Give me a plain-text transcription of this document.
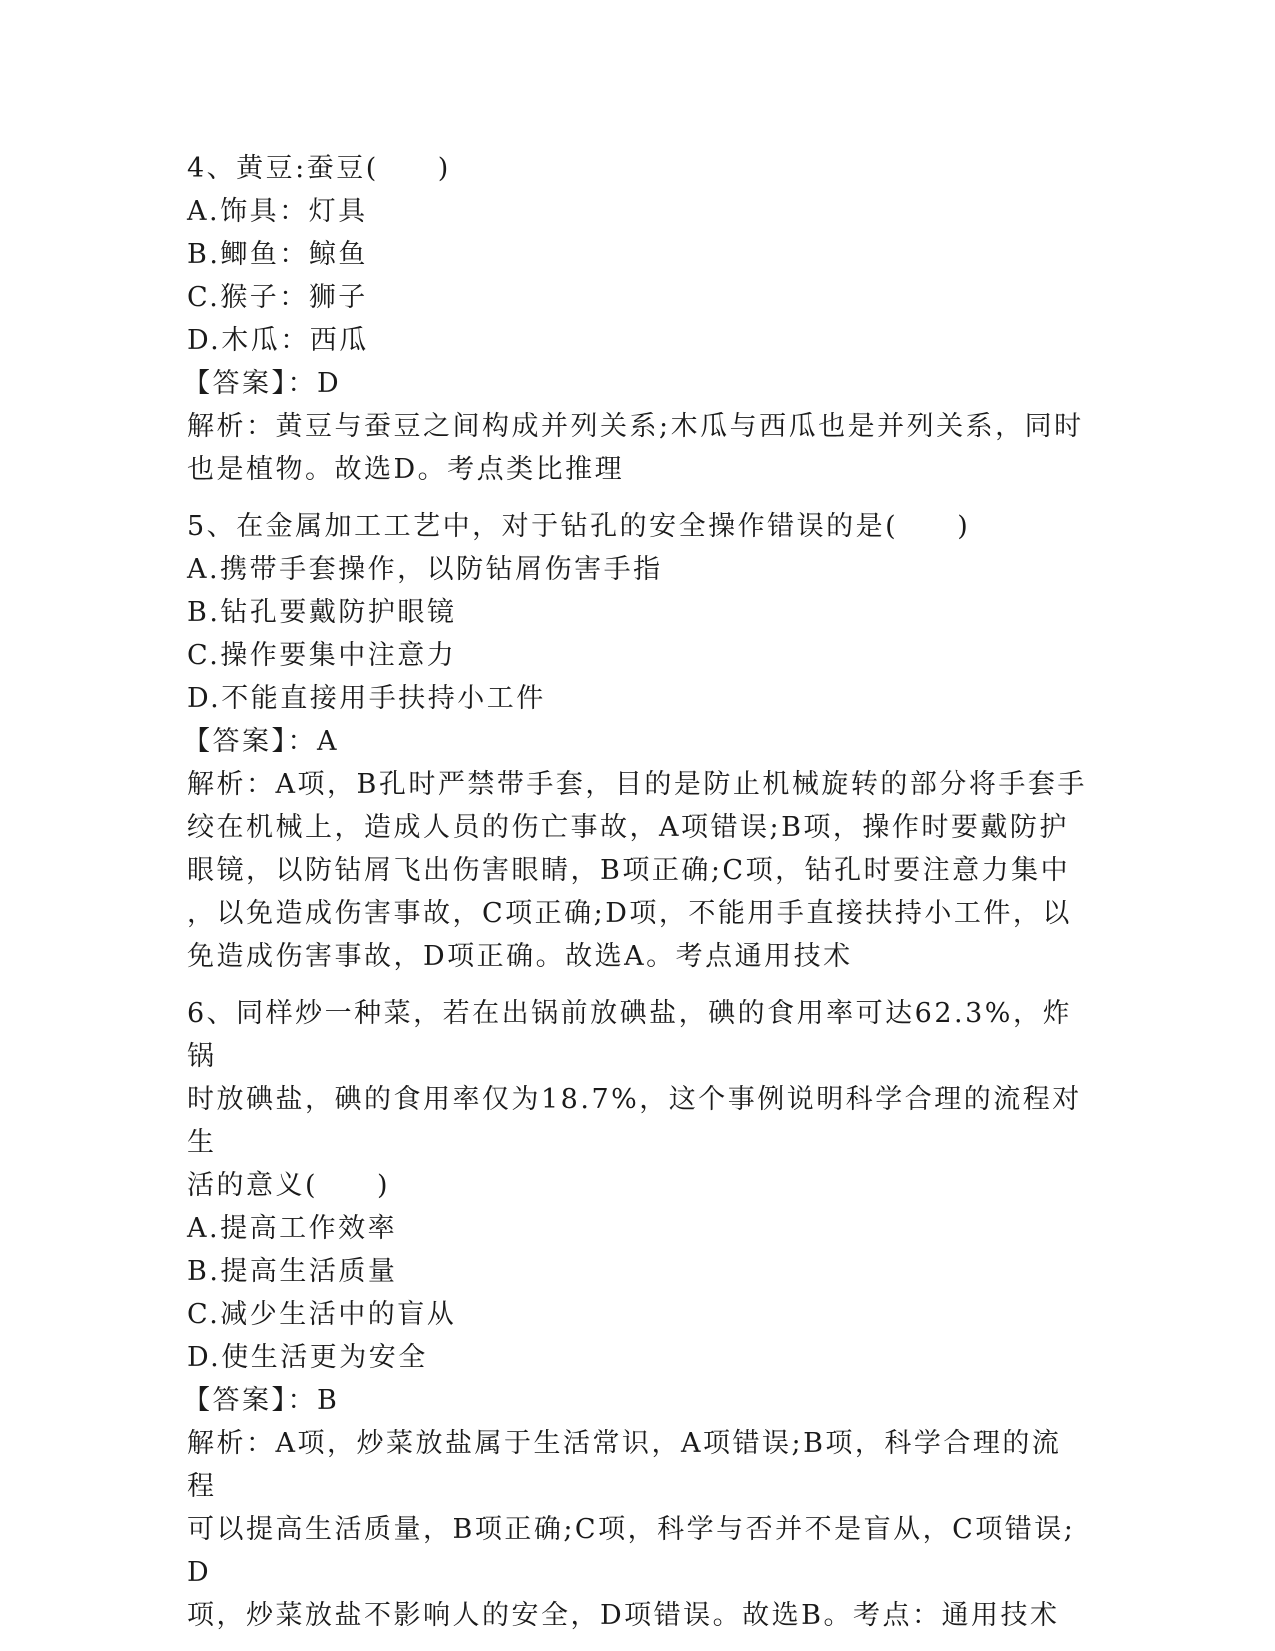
4、黄豆:蚕豆(　　)
A.饰具：灯具
B.鲫鱼：鲸鱼
C.猴子：狮子
D.木瓜：西瓜
【答案】：D
解析：黄豆与蚕豆之间构成并列关系;木瓜与西瓜也是并列关系，同时
也是植物。故选D。考点类比推理
5、在金属加工工艺中，对于钻孔的安全操作错误的是(　　)
A.携带手套操作，以防钻屑伤害手指
B.钻孔要戴防护眼镜
C.操作要集中注意力
D.不能直接用手扶持小工件
【答案】：A
解析：A项，B孔时严禁带手套，目的是防止机械旋转的部分将手套手
绞在机械上，造成人员的伤亡事故，A项错误;B项，操作时要戴防护
眼镜，以防钻屑飞出伤害眼睛，B项正确;C项，钻孔时要注意力集中
，以免造成伤害事故，C项正确;D项，不能用手直接扶持小工件，以
免造成伤害事故，D项正确。故选A。考点通用技术
6、同样炒一种菜，若在出锅前放碘盐，碘的食用率可达62.3%，炸锅
时放碘盐，碘的食用率仅为18.7%，这个事例说明科学合理的流程对生
活的意义(　　)
A.提高工作效率
B.提高生活质量
C.减少生活中的盲从
D.使生活更为安全
【答案】：B
解析：A项，炒菜放盐属于生活常识，A项错误;B项，科学合理的流程
可以提高生活质量，B项正确;C项，科学与否并不是盲从，C项错误;D
项，炒菜放盐不影响人的安全，D项错误。故选B。考点：通用技术
